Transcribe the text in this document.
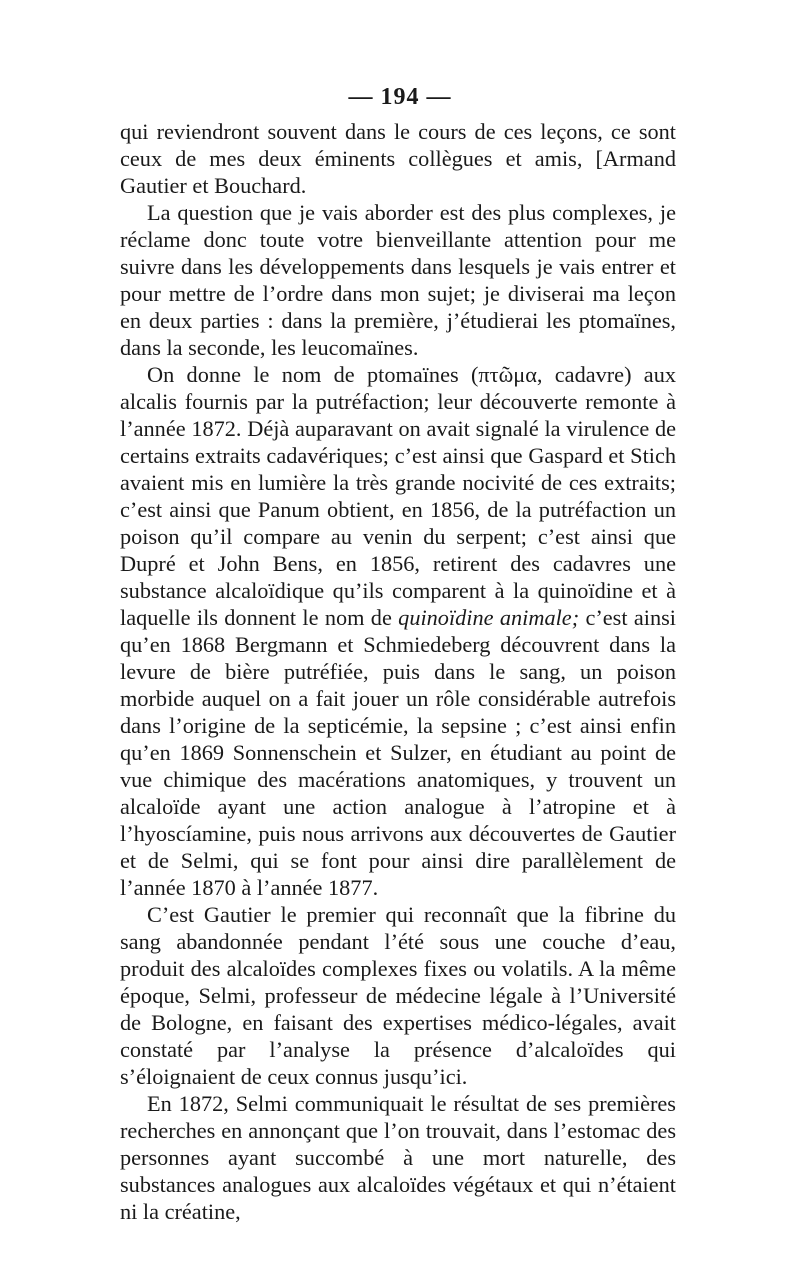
— 194 —

qui reviendront souvent dans le cours de ces leçons, ce sont ceux de mes deux éminents collègues et amis, [Armand Gautier et Bouchard.

La question que je vais aborder est des plus complexes, je réclame donc toute votre bienveillante attention pour me suivre dans les développements dans lesquels je vais entrer et pour mettre de l’ordre dans mon sujet; je diviserai ma leçon en deux parties : dans la première, j’étudierai les ptomaïnes, dans la seconde, les leucomaïnes.

On donne le nom de ptomaïnes (πτῶμα, cadavre) aux alcalis fournis par la putréfaction; leur découverte remonte à l’année 1872. Déjà auparavant on avait signalé la virulence de certains extraits cadavériques; c’est ainsi que Gaspard et Stich avaient mis en lumière la très grande nocivité de ces extraits; c’est ainsi que Panum obtient, en 1856, de la putréfaction un poison qu’il compare au venin du serpent; c’est ainsi que Dupré et John Bens, en 1856, retirent des cadavres une substance alcaloïdique qu’ils comparent à la quinoïdine et à laquelle ils donnent le nom de quinoïdine animale; c’est ainsi qu’en 1868 Bergmann et Schmiedeberg découvrent dans la levure de bière putréfiée, puis dans le sang, un poison morbide auquel on a fait jouer un rôle considérable autrefois dans l’origine de la septicémie, la sepsine ; c’est ainsi enfin qu’en 1869 Sonnenschein et Sulzer, en étudiant au point de vue chimique des macérations anatomiques, y trouvent un alcaloïde ayant une action analogue à l’atropine et à l’hyoscíamine, puis nous arrivons aux découvertes de Gautier et de Selmi, qui se font pour ainsi dire parallèlement de l’année 1870 à l’année 1877.

C’est Gautier le premier qui reconnaît que la fibrine du sang abandonnée pendant l’été sous une couche d’eau, produit des alcaloïdes complexes fixes ou volatils. A la même époque, Selmi, professeur de médecine légale à l’Université de Bologne, en faisant des expertises médico-légales, avait constaté par l’analyse la présence d’alcaloïdes qui s’éloignaient de ceux connus jusqu’ici.

En 1872, Selmi communiquait le résultat de ses premières recherches en annonçant que l’on trouvait, dans l’estomac des personnes ayant succombé à une mort naturelle, des substances analogues aux alcaloïdes végétaux et qui n’étaient ni la créatine,
